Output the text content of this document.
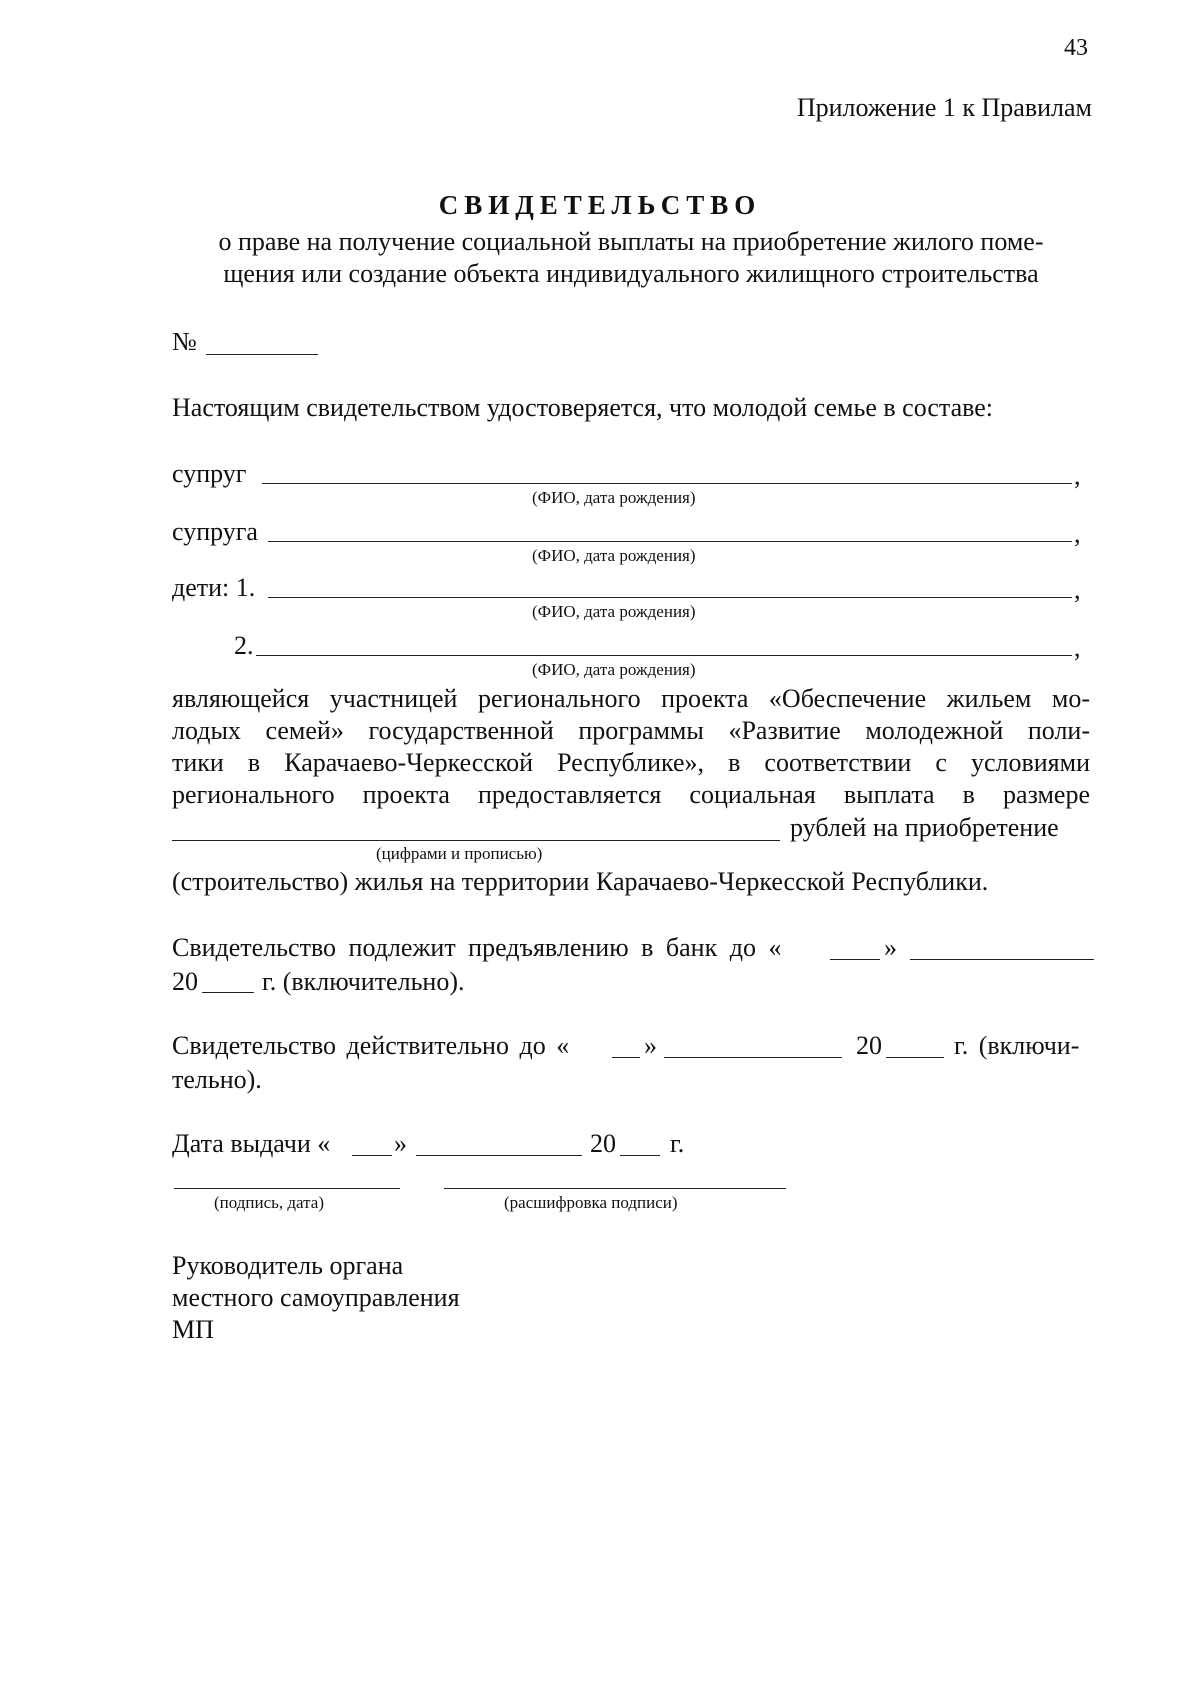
43
Приложение 1 к Правилам
СВИДЕТЕЛЬСТВО
о праве на получение социальной выплаты на приобретение жилого поме-
щения или создание объекта индивидуального жилищного строительства
№
Настоящим свидетельством удостоверяется, что молодой семье в составе:
супруг	,
(ФИО, дата рождения)
супруга	,
(ФИО, дата рождения)
дети: 1.	,
(ФИО, дата рождения)
2.	,
(ФИО, дата рождения)
являющейся участницей регионального проекта «Обеспечение жильем мо-
лодых семей» государственной программы «Развитие молодежной поли-
тики в Карачаево-Черкесской Республике», в соответствии с условиями
регионального проекта предоставляется социальная выплата в размере
рублей на приобретение
(цифрами и прописью)
(строительство) жилья на территории Карачаево-Черкесской Республики.
Свидетельство подлежит предъявлению в банк до «	»
20 г. (включительно).
Свидетельство действительно до «	»	20	г. (включи-
тельно).
Дата выдачи « »	20 г.
(подпись, дата)	(расшифровка подписи)
Руководитель органа
местного самоуправления
МП
